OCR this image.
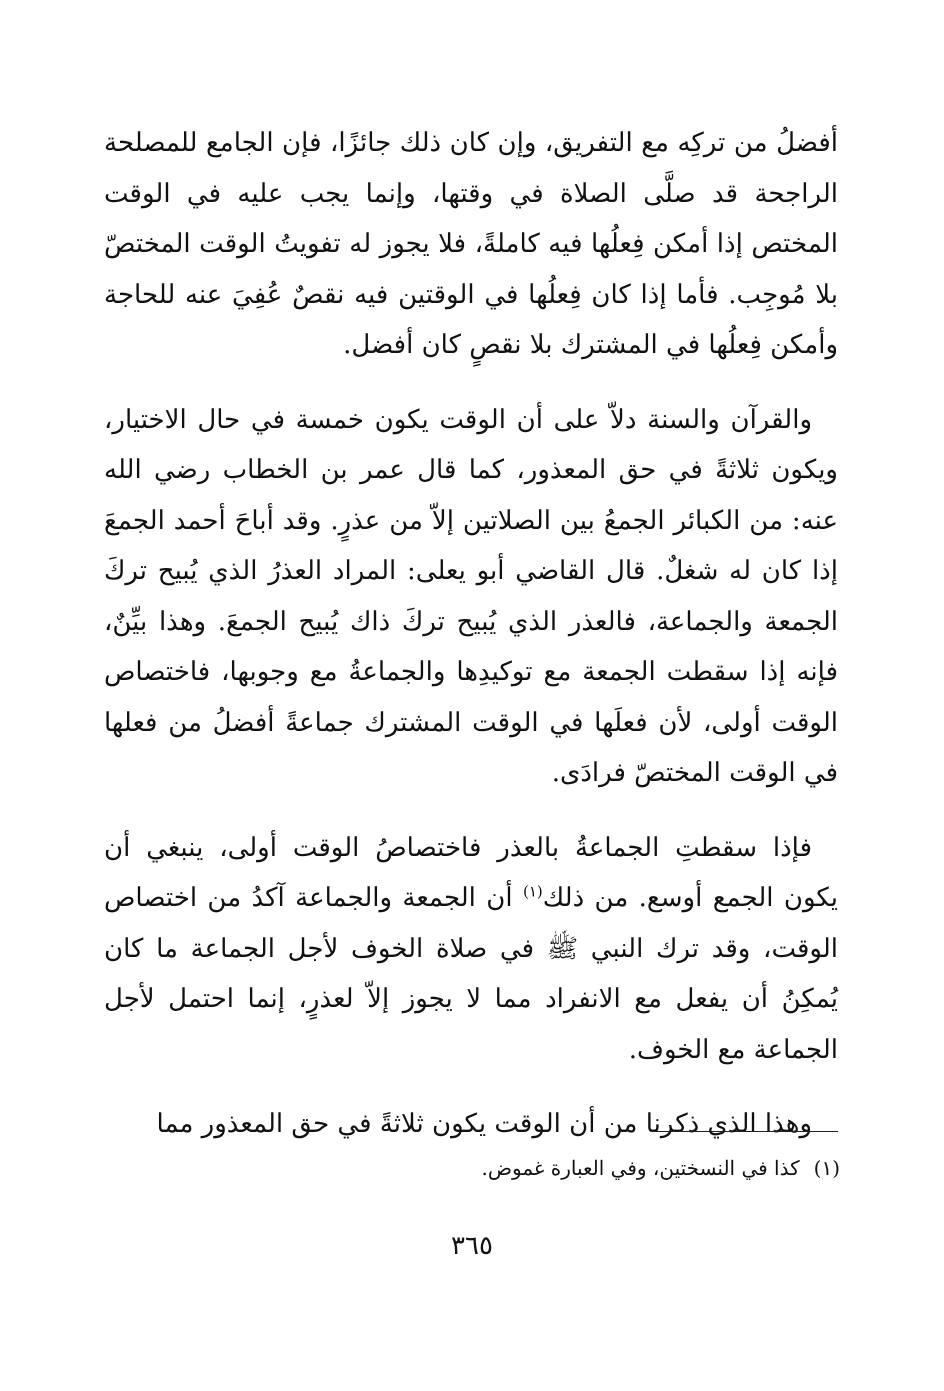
أفضلُ من تركِه مع التفريق، وإن كان ذلك جائزًا، فإن الجامع للمصلحة الراجحة قد صلَّى الصلاة في وقتها، وإنما يجب عليه في الوقت المختص إذا أمكن فِعلُها فيه كاملةً، فلا يجوز له تفويتُ الوقت المختصّ بلا مُوجِب. فأما إذا كان فِعلُها في الوقتين فيه نقصٌ عُفِيَ عنه للحاجة وأمكن فِعلُها في المشترك بلا نقصٍ كان أفضل.

والقرآن والسنة دلاّ على أن الوقت يكون خمسة في حال الاختيار، ويكون ثلاثةً في حق المعذور، كما قال عمر بن الخطاب رضي الله عنه: من الكبائر الجمعُ بين الصلاتين إلاّ من عذرٍ. وقد أباحَ أحمد الجمعَ إذا كان له شغلٌ. قال القاضي أبو يعلى: المراد العذرُ الذي يُبيح تركَ الجمعة والجماعة، فالعذر الذي يُبيح تركَ ذاك يُبيح الجمعَ. وهذا بيِّنٌ، فإنه إذا سقطت الجمعة مع توكيدِها والجماعةُ مع وجوبها، فاختصاص الوقت أولى، لأن فعلَها في الوقت المشترك جماعةً أفضلُ من فعلها في الوقت المختصّ فرادَى.

فإذا سقطتِ الجماعةُ بالعذر فاختصاصُ الوقت أولى، ينبغي أن يكون الجمع أوسع. من ذلك$^{(١)}$ أن الجمعة والجماعة آكدُ من اختصاص الوقت، وقد ترك النبي ﷺ في صلاة الخوف لأجل الجماعة ما كان يُمكِنُ أن يفعل مع الانفراد مما لا يجوز إلاّ لعذرٍ، إنما احتمل لأجل الجماعة مع الخوف.

وهذا الذي ذكرنا من أن الوقت يكون ثلاثةً في حق المعذور مما

(١)كذا في النسختين، وفي العبارة غموض.
٣٦٥
